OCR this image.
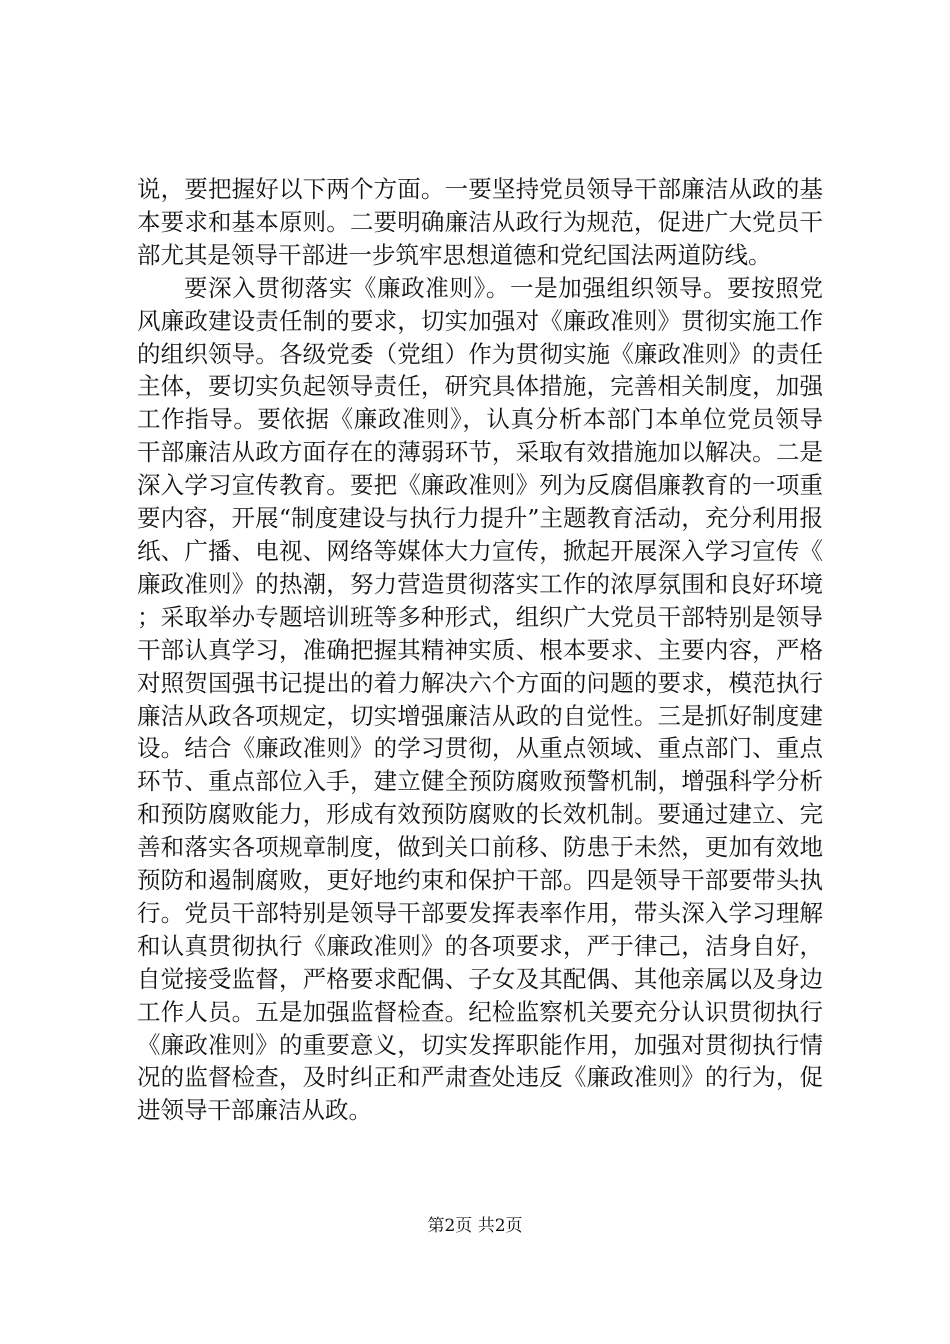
说，要把握好以下两个方面。一要坚持党员领导干部廉洁从政的基本要求和基本原则。二要明确廉洁从政行为规范，促进广大党员干部尤其是领导干部进一步筑牢思想道德和党纪国法两道防线。

要深入贯彻落实《廉政准则》。一是加强组织领导。要按照党风廉政建设责任制的要求，切实加强对《廉政准则》贯彻实施工作的组织领导。各级党委（党组）作为贯彻实施《廉政准则》的责任主体，要切实负起领导责任，研究具体措施，完善相关制度，加强工作指导。要依据《廉政准则》，认真分析本部门本单位党员领导干部廉洁从政方面存在的薄弱环节，采取有效措施加以解决。二是深入学习宣传教育。要把《廉政准则》列为反腐倡廉教育的一项重要内容，开展“制度建设与执行力提升”主题教育活动，充分利用报纸、广播、电视、网络等媒体大力宣传，掀起开展深入学习宣传《廉政准则》的热潮，努力营造贯彻落实工作的浓厚氛围和良好环境；采取举办专题培训班等多种形式，组织广大党员干部特别是领导干部认真学习，准确把握其精神实质、根本要求、主要内容，严格对照贺国强书记提出的着力解决六个方面的问题的要求，模范执行廉洁从政各项规定，切实增强廉洁从政的自觉性。三是抓好制度建设。结合《廉政准则》的学习贯彻，从重点领域、重点部门、重点环节、重点部位入手，建立健全预防腐败预警机制，增强科学分析和预防腐败能力，形成有效预防腐败的长效机制。要通过建立、完善和落实各项规章制度，做到关口前移、防患于未然，更加有效地预防和遏制腐败，更好地约束和保护干部。四是领导干部要带头执行。党员干部特别是领导干部要发挥表率作用，带头深入学习理解和认真贯彻执行《廉政准则》的各项要求，严于律己，洁身自好，自觉接受监督，严格要求配偶、子女及其配偶、其他亲属以及身边工作人员。五是加强监督检查。纪检监察机关要充分认识贯彻执行《廉政准则》的重要意义，切实发挥职能作用，加强对贯彻执行情况的监督检查，及时纠正和严肃查处违反《廉政准则》的行为，促进领导干部廉洁从政。

第2页 共2页
